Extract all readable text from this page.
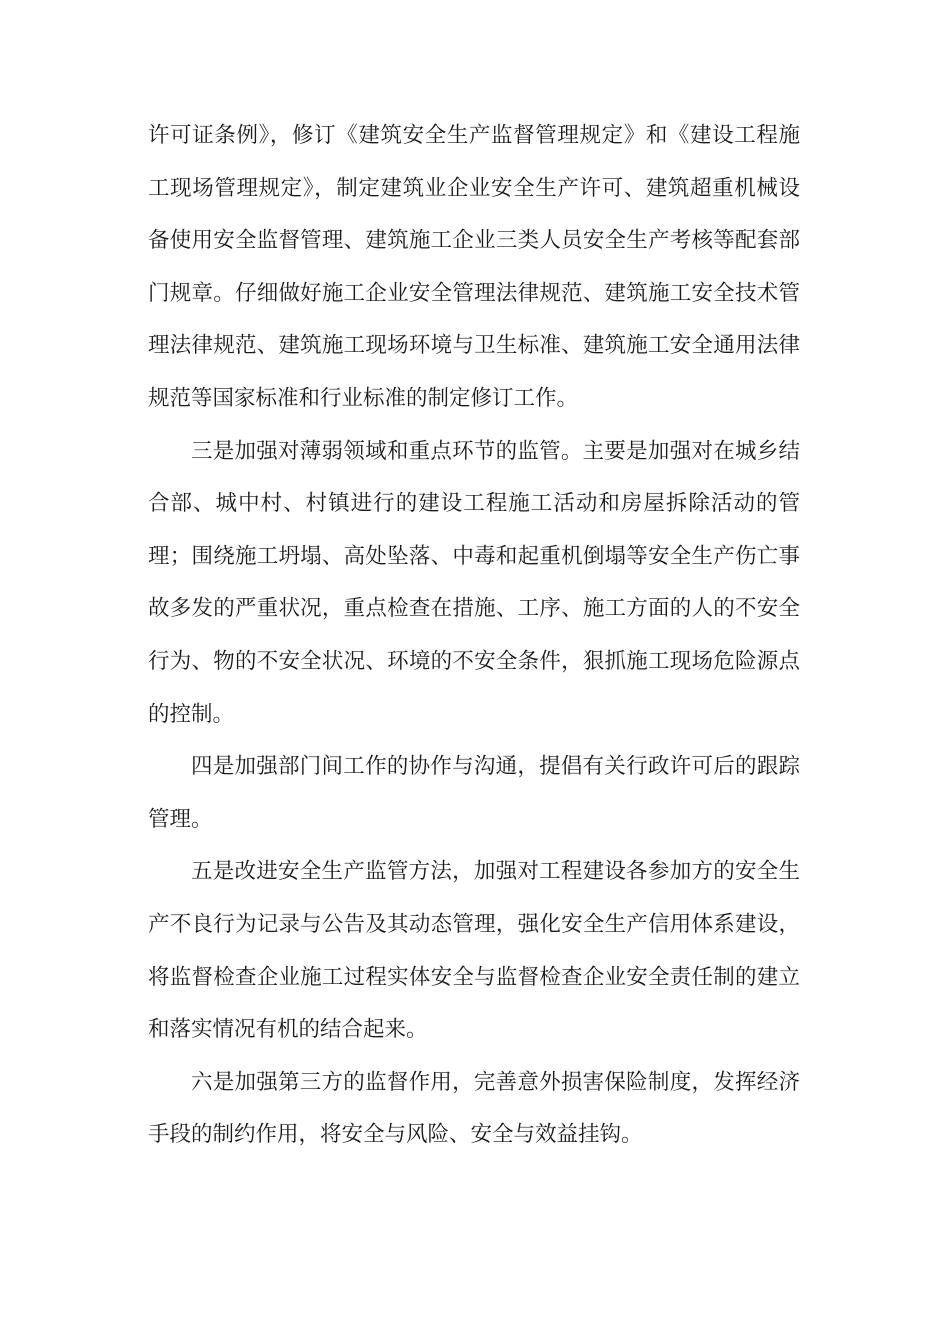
许可证条例》，修订《建筑安全生产监督管理规定》和《建设工程施工现场管理规定》，制定建筑业企业安全生产许可、建筑超重机械设备使用安全监督管理、建筑施工企业三类人员安全生产考核等配套部门规章。仔细做好施工企业安全管理法律规范、建筑施工安全技术管理法律规范、建筑施工现场环境与卫生标准、建筑施工安全通用法律规范等国家标准和行业标准的制定修订工作。

三是加强对薄弱领域和重点环节的监管。主要是加强对在城乡结合部、城中村、村镇进行的建设工程施工活动和房屋拆除活动的管理；围绕施工坍塌、高处坠落、中毒和起重机倒塌等安全生产伤亡事故多发的严重状况，重点检查在措施、工序、施工方面的人的不安全行为、物的不安全状况、环境的不安全条件，狠抓施工现场危险源点的控制。

四是加强部门间工作的协作与沟通，提倡有关行政许可后的跟踪管理。

五是改进安全生产监管方法，加强对工程建设各参加方的安全生产不良行为记录与公告及其动态管理，强化安全生产信用体系建设，将监督检查企业施工过程实体安全与监督检查企业安全责任制的建立和落实情况有机的结合起来。

六是加强第三方的监督作用，完善意外损害保险制度，发挥经济手段的制约作用，将安全与风险、安全与效益挂钩。
